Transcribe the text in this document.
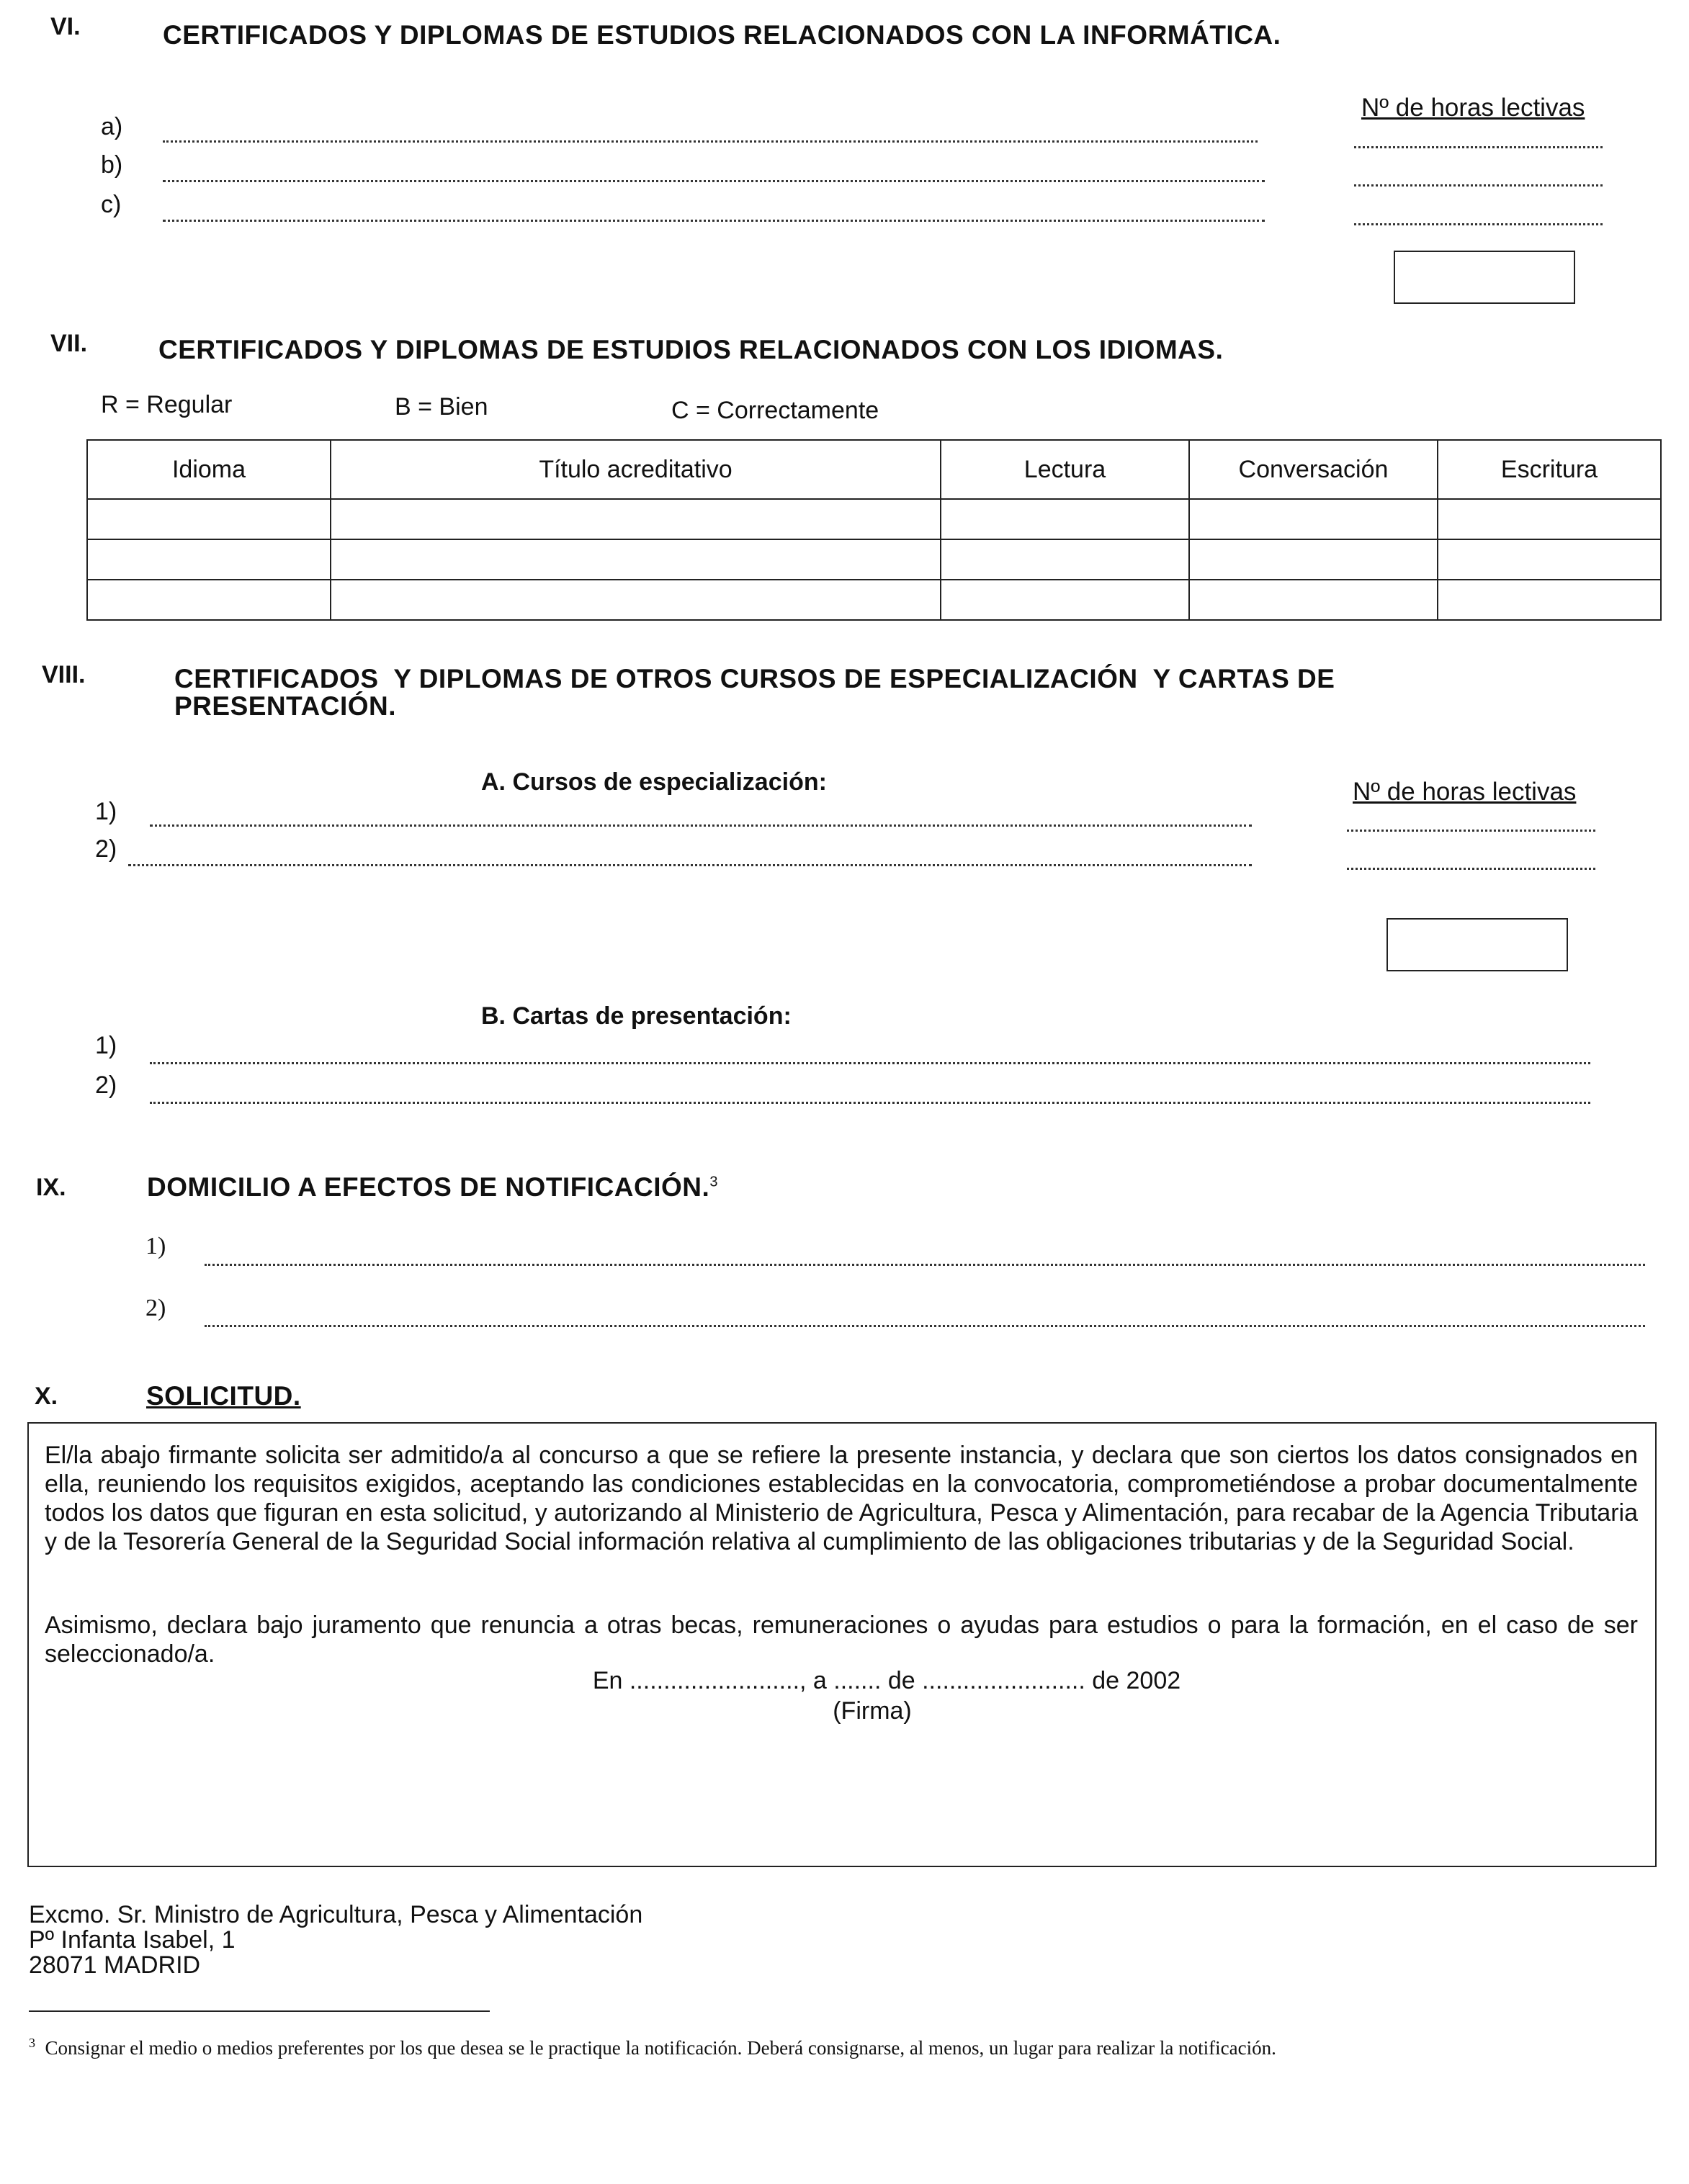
VI.	CERTIFICADOS Y DIPLOMAS DE ESTUDIOS RELACIONADOS CON LA INFORMÁTICA.
Nº de horas lectivas
a)
b)
c)
VII.	CERTIFICADOS Y DIPLOMAS DE ESTUDIOS RELACIONADOS CON LOS IDIOMAS.
R = Regular	B = Bien	C = Correctamente
Idioma	Título acreditativo	Lectura	Conversación	Escritura

VIII.	CERTIFICADOS  Y DIPLOMAS DE OTROS CURSOS DE ESPECIALIZACIÓN  Y CARTAS DE
PRESENTACIÓN.
A. Cursos de especialización:	Nº de horas lectivas
1)
2)
B. Cartas de presentación:
1)
2)
IX.	DOMICILIO A EFECTOS DE NOTIFICACIÓN.$^3$
1)
2)
X.	SOLICITUD.
El/la abajo firmante solicita ser admitido/a al concurso a que se refiere la presente instancia, y declara que son ciertos los datos consignados en ella, reuniendo los requisitos exigidos, aceptando las condiciones establecidas en la convocatoria, comprometiéndose a probar documentalmente todos los datos que figuran en esta solicitud, y autorizando al Ministerio de Agricultura, Pesca y Alimentación, para recabar de la Agencia Tributaria y de la Tesorería General de la Seguridad Social información relativa al cumplimiento de las obligaciones tributarias y de la Seguridad Social.
Asimismo, declara bajo juramento que renuncia a otras becas, remuneraciones o ayudas para estudios o para la formación, en el caso de ser seleccionado/a.
En ........................., a ....... de ........................ de 2002
(Firma)
Excmo. Sr. Ministro de Agricultura, Pesca y Alimentación
Pº Infanta Isabel, 1
28071 MADRID
$^3$ Consignar el medio o medios preferentes por los que desea se le practique la notificación. Deberá consignarse, al menos, un lugar para realizar la notificación.
